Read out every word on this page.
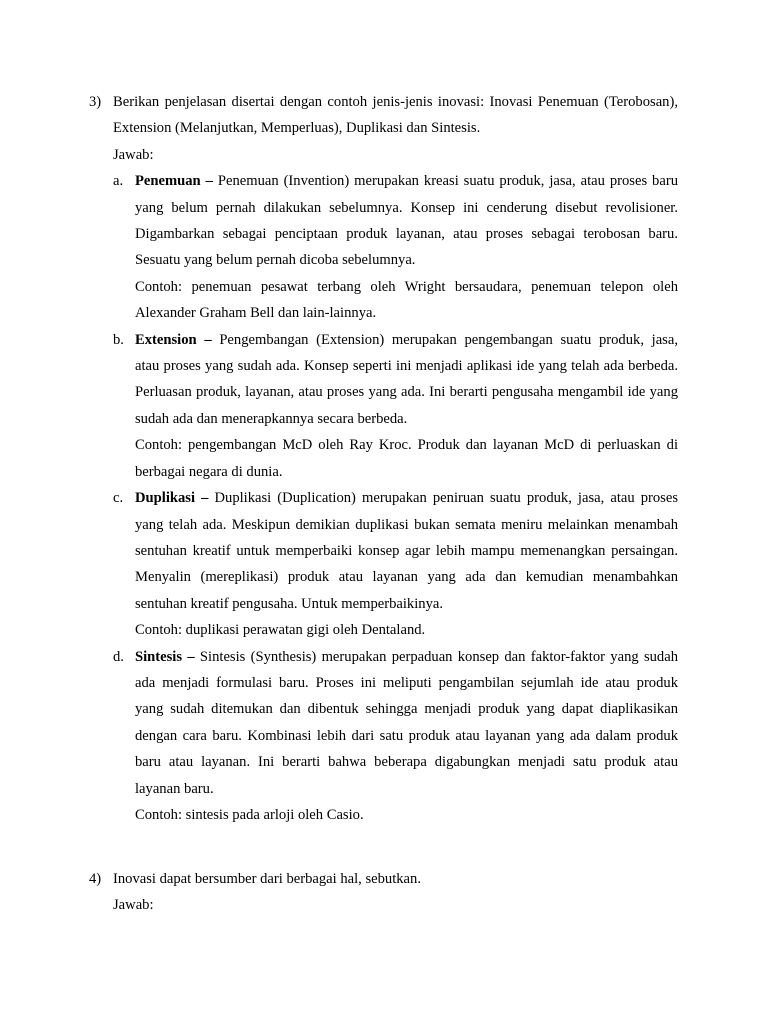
3) Berikan penjelasan disertai dengan contoh jenis-jenis inovasi: Inovasi Penemuan (Terobosan),
Extension (Melanjutkan, Memperluas), Duplikasi dan Sintesis.
Jawab:
a. Penemuan – Penemuan (Invention) merupakan kreasi suatu produk, jasa, atau proses baru
yang belum pernah dilakukan sebelumnya. Konsep ini cenderung disebut revolisioner.
Digambarkan sebagai penciptaan produk layanan, atau proses sebagai terobosan baru.
Sesuatu yang belum pernah dicoba sebelumnya.
Contoh: penemuan pesawat terbang oleh Wright bersaudara, penemuan telepon oleh
Alexander Graham Bell dan lain-lainnya.
b. Extension – Pengembangan (Extension) merupakan pengembangan suatu produk, jasa,
atau proses yang sudah ada. Konsep seperti ini menjadi aplikasi ide yang telah ada berbeda.
Perluasan produk, layanan, atau proses yang ada. Ini berarti pengusaha mengambil ide yang
sudah ada dan menerapkannya secara berbeda.
Contoh: pengembangan McD oleh Ray Kroc. Produk dan layanan McD di perluaskan di
berbagai negara di dunia.
c. Duplikasi – Duplikasi (Duplication) merupakan peniruan suatu produk, jasa, atau proses
yang telah ada. Meskipun demikian duplikasi bukan semata meniru melainkan menambah
sentuhan kreatif untuk memperbaiki konsep agar lebih mampu memenangkan persaingan.
Menyalin (mereplikasi) produk atau layanan yang ada dan kemudian menambahkan
sentuhan kreatif pengusaha. Untuk memperbaikinya.
Contoh: duplikasi perawatan gigi oleh Dentaland.
d. Sintesis – Sintesis (Synthesis) merupakan perpaduan konsep dan faktor-faktor yang sudah
ada menjadi formulasi baru. Proses ini meliputi pengambilan sejumlah ide atau produk
yang sudah ditemukan dan dibentuk sehingga menjadi produk yang dapat diaplikasikan
dengan cara baru. Kombinasi lebih dari satu produk atau layanan yang ada dalam produk
baru atau layanan. Ini berarti bahwa beberapa digabungkan menjadi satu produk atau
layanan baru.
Contoh: sintesis pada arloji oleh Casio.
4) Inovasi dapat bersumber dari berbagai hal, sebutkan.
Jawab:
